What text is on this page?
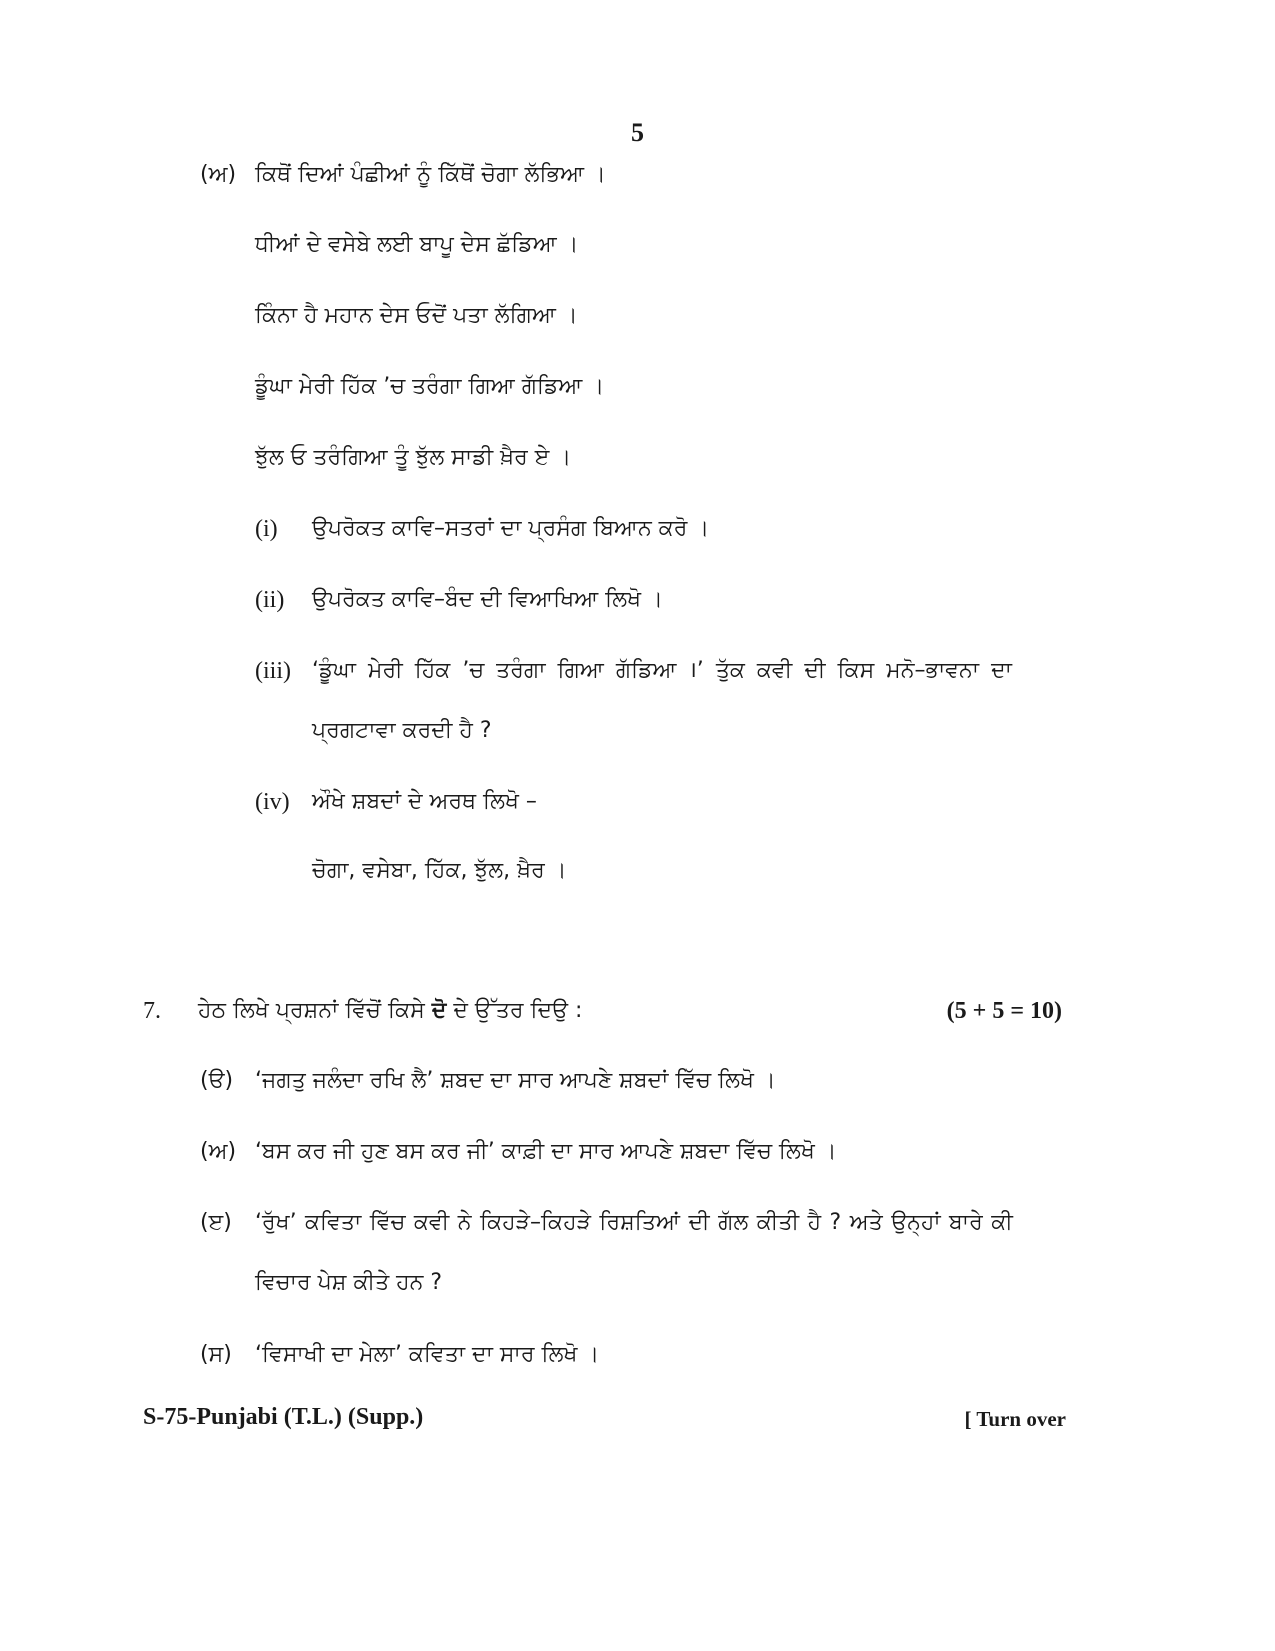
5
(ਅ) ਕਿਥੋਂ ਦਿਆਂ ਪੰਛੀਆਂ ਨੂੰ ਕਿੱਥੋਂ ਚੋਗਾ ਲੱਭਿਆ ।
ਧੀਆਂ ਦੇ ਵਸੇਬੇ ਲਈ ਬਾਪੂ ਦੇਸ ਛੱਡਿਆ ।
ਕਿੰਨਾ ਹੈ ਮਹਾਨ ਦੇਸ ਓਦੋਂ ਪਤਾ ਲੱਗਿਆ ।
ਡੂੰਘਾ ਮੇਰੀ ਹਿੱਕ ’ਚ ਤਰੰਗਾ ਗਿਆ ਗੱਡਿਆ ।
ਝੁੱਲ ਓ ਤਰੰਗਿਆ ਤੂੰ ਝੁੱਲ ਸਾਡੀ ਖ਼ੈਰ ਏ ।
(i) ਉਪਰੋਕਤ ਕਾਵਿ–ਸਤਰਾਂ ਦਾ ਪ੍ਰਸੰਗ ਬਿਆਨ ਕਰੋ ।
(ii) ਉਪਰੋਕਤ ਕਾਵਿ–ਬੰਦ ਦੀ ਵਿਆਖਿਆ ਲਿਖੋ ।
(iii) ‘ਡੂੰਘਾ ਮੇਰੀ ਹਿੱਕ ’ਚ ਤਰੰਗਾ ਗਿਆ ਗੱਡਿਆ ।’ ਤੁੱਕ ਕਵੀ ਦੀ ਕਿਸ ਮਨੋ–ਭਾਵਨਾ ਦਾ
ਪ੍ਰਗਟਾਵਾ ਕਰਦੀ ਹੈ ?
(iv) ਔਖੇ ਸ਼ਬਦਾਂ ਦੇ ਅਰਥ ਲਿਖੋ –
ਚੋਗਾ, ਵਸੇਬਾ, ਹਿੱਕ, ਝੁੱਲ, ਖ਼ੈਰ ।
7. ਹੇਠ ਲਿਖੇ ਪ੍ਰਸ਼ਨਾਂ ਵਿੱਚੋਂ ਕਿਸੇ ਦੋ ਦੇ ਉੱਤਰ ਦਿਉ :	(5 + 5 = 10)
(ੳ) ‘ਜਗਤੁ ਜਲੰਦਾ ਰਖਿ ਲੈ’ ਸ਼ਬਦ ਦਾ ਸਾਰ ਆਪਣੇ ਸ਼ਬਦਾਂ ਵਿੱਚ ਲਿਖੋ ।
(ਅ) ‘ਬਸ ਕਰ ਜੀ ਹੁਣ ਬਸ ਕਰ ਜੀ’ ਕਾਫ਼ੀ ਦਾ ਸਾਰ ਆਪਣੇ ਸ਼ਬਦਾ ਵਿੱਚ ਲਿਖੋ ।
(ੲ) ‘ਰੁੱਖ’ ਕਵਿਤਾ ਵਿੱਚ ਕਵੀ ਨੇ ਕਿਹੜੇ–ਕਿਹੜੇ ਰਿਸ਼ਤਿਆਂ ਦੀ ਗੱਲ ਕੀਤੀ ਹੈ ? ਅਤੇ ਉਨ੍ਹਾਂ ਬਾਰੇ ਕੀ
ਵਿਚਾਰ ਪੇਸ਼ ਕੀਤੇ ਹਨ ?
(ਸ) ‘ਵਿਸਾਖੀ ਦਾ ਮੇਲਾ’ ਕਵਿਤਾ ਦਾ ਸਾਰ ਲਿਖੋ ।
S-75-Punjabi (T.L.) (Supp.)	[ Turn over
